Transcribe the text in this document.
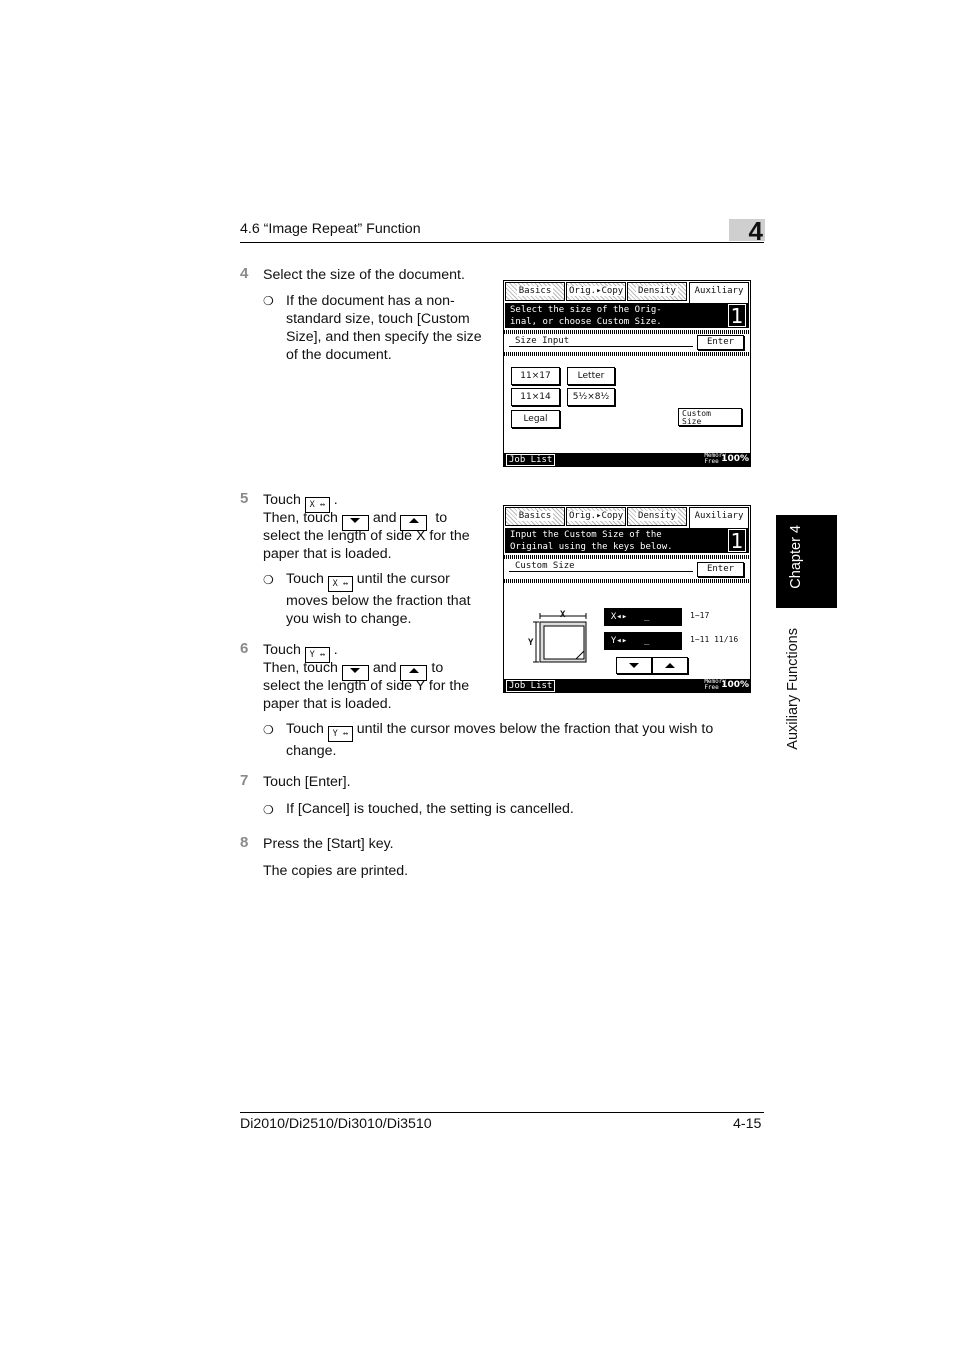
4.6 “Image Repeat” Function	4
Chapter 4
Auxiliary Functions
4 Select the size of the document.
❍ If the document has a non-
standard size, touch [Custom
Size], and then specify the size
of the document.
Basics	Orig.▸Copy	Density	Auxiliary
Select the size of the Orig-
inal, or choose Custom Size.	1
Size Input	Enter
11×17	Letter
11×14	5½×8½
Legal
Custom
Size
Job List	Memory
Free 100%
5 Touch X ↔ .
Then, touch and	to
select the length of side X for the
paper that is loaded.
❍ Touch X ↔ until the cursor
moves below the fraction that
you wish to change.
Basics	Orig.▸Copy	Density	Auxiliary
Input the Custom Size of the
Original using the keys below.	1
Custom Size	Enter
X
Y
X◂▸	_	1~17
Y◂▸	_	1~11 11/16
Job List	Memory
Free 100%
6 Touch Y ↔ .
Then, touch and to
select the length of side Y for the
paper that is loaded.
❍ Touch Y ↔ until the cursor moves below the fraction that you wish to
change.
7 Touch [Enter].
❍ If [Cancel] is touched, the setting is cancelled.
8 Press the [Start] key.
The copies are printed.
Di2010/Di2510/Di3010/Di3510	4-15
